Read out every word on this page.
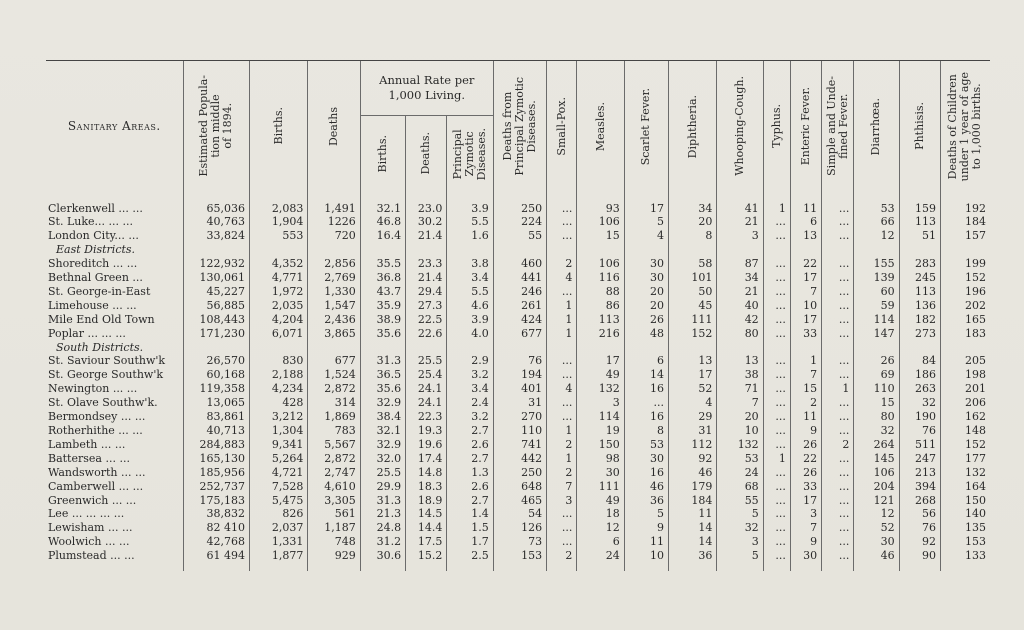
Sanitary Areas.	Estimated Popula-
tion middle
of 1894.	Births.	Deaths	Annual Rate per
1,000 Living.			Deaths from
Principal Zymotic
Diseases.	Small-Pox.	Measles.	Scarlet Fever.	Diphtheria.	Whooping-Cough.	Typhus.	Enteric Fever.	Simple and Unde-
fined Fever.	Diarrhœa.	Phthisis.	Deaths of Children
under 1 year of age
to 1,000 births.

				Births.	Deaths.	Principal
Zymotic
Diseases.												

Clerkenwell ... ...	65,036	2,083	1,491	32.1	23.0	3.9	250	...	93	17	34	41	1	11	...	53	159	192
St. Luke... ... ...	40,763	1,904	1226	46.8	30.2	5.5	224	...	106	5	20	21	...	6	...	66	113	184
London City... ...	33,824	553	720	16.4	21.4	1.6	55	...	15	4	8	3	...	13	...	12	51	157
East Districts.																		
Shoreditch ... ...	122,932	4,352	2,856	35.5	23.3	3.8	460	2	106	30	58	87	...	22	...	155	283	199
Bethnal Green ...	130,061	4,771	2,769	36.8	21.4	3.4	441	4	116	30	101	34	...	17	...	139	245	152
St. George-in-East	45,227	1,972	1,330	43.7	29.4	5.5	246	...	88	20	50	21	...	7	...	60	113	196
Limehouse ... ...	56,885	2,035	1,547	35.9	27.3	4.6	261	1	86	20	45	40	...	10	...	59	136	202
Mile End Old Town	108,443	4,204	2,436	38.9	22.5	3.9	424	1	113	26	111	42	...	17	...	114	182	165
Poplar ... ... ...	171,230	6,071	3,865	35.6	22.6	4.0	677	1	216	48	152	80	...	33	...	147	273	183
South Districts.																		
St. Saviour Southw'k	26,570	830	677	31.3	25.5	2.9	76	...	17	6	13	13	...	1	...	26	84	205
St. George Southw'k	60,168	2,188	1,524	36.5	25.4	3.2	194	...	49	14	17	38	...	7	...	69	186	198
Newington ... ...	119,358	4,234	2,872	35.6	24.1	3.4	401	4	132	16	52	71	...	15	1	110	263	201
St. Olave Southw'k.	13,065	428	314	32.9	24.1	2.4	31	...	3	...	4	7	...	2	...	15	32	206
Bermondsey ... ...	83,861	3,212	1,869	38.4	22.3	3.2	270	...	114	16	29	20	...	11	...	80	190	162
Rotherhithe ... ...	40,713	1,304	783	32.1	19.3	2.7	110	1	19	8	31	10	...	9	...	32	76	148
Lambeth ... ...	284,883	9,341	5,567	32.9	19.6	2.6	741	2	150	53	112	132	...	26	2	264	511	152
Battersea ... ...	165,130	5,264	2,872	32.0	17.4	2.7	442	1	98	30	92	53	1	22	...	145	247	177
Wandsworth ... ...	185,956	4,721	2,747	25.5	14.8	1.3	250	2	30	16	46	24	...	26	...	106	213	132
Camberwell ... ...	252,737	7,528	4,610	29.9	18.3	2.6	648	7	111	46	179	68	...	33	...	204	394	164
Greenwich ... ...	175,183	5,475	3,305	31.3	18.9	2.7	465	3	49	36	184	55	...	17	...	121	268	150
Lee ... ... ... ...	38,832	826	561	21.3	14.5	1.4	54	...	18	5	11	5	...	3	...	12	56	140
Lewisham ... ...	82 410	2,037	1,187	24.8	14.4	1.5	126	...	12	9	14	32	...	7	...	52	76	135
Woolwich ... ...	42,768	1,331	748	31.2	17.5	1.7	73	...	6	11	14	3	...	9	...	30	92	153
Plumstead ... ...	61 494	1,877	929	30.6	15.2	2.5	153	2	24	10	36	5	...	30	...	46	90	133
